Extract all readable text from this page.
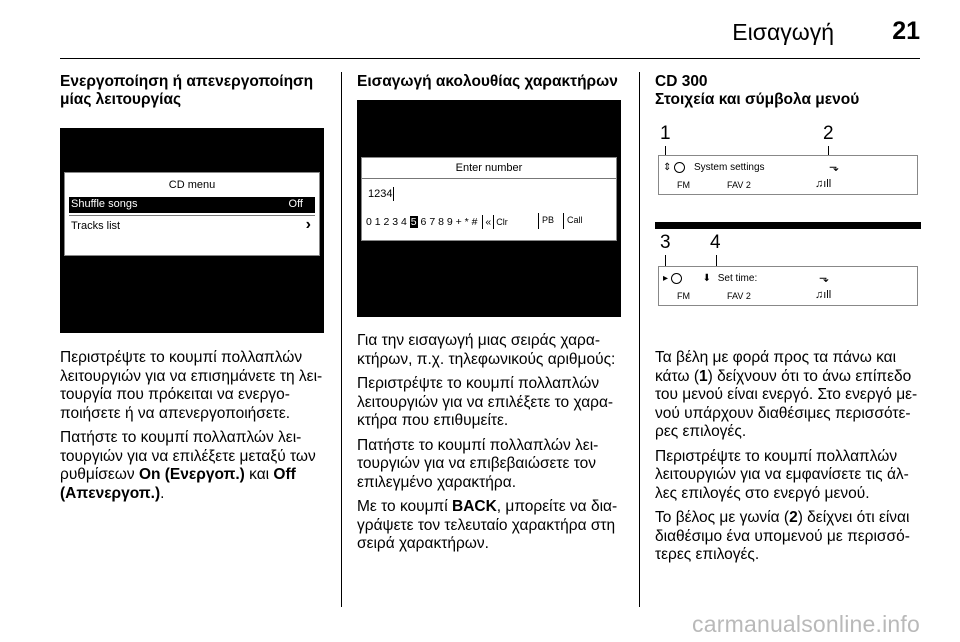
Εισαγωγή 21
Ενεργοποίηση ή απενεργοποίηση
μίας λειτουργίας
CD menu
Shuffle songs	Off
Tracks list	›

Περιστρέψτε το κουμπί πολλαπλών
λειτουργιών για να επισημάνετε τη λει-
τουργία που πρόκειται να ενεργο-
ποιήσετε ή να απενεργοποιήσετε.

Πατήστε το κουμπί πολλαπλών λει-
τουργιών για να επιλέξετε μεταξύ των
ρυθμίσεων On (Ενεργοπ.) και Off
(Απενεργοπ.).

Εισαγωγή ακολουθίας χαρακτήρων
Enter number
1234
0 1 2 3 4 5 6 7 8 9 + * # « Clr	PB Call

Για την εισαγωγή μιας σειράς χαρα-
κτήρων, π.χ. τηλεφωνικούς αριθμούς:

Περιστρέψτε το κουμπί πολλαπλών
λειτουργιών για να επιλέξετε το χαρα-
κτήρα που επιθυμείτε.

Πατήστε το κουμπί πολλαπλών λει-
τουργιών για να επιβεβαιώσετε τον
επιλεγμένο χαρακτήρα.

Με το κουμπί BACK, μπορείτε να δια-
γράψετε τον τελευταίο χαρακτήρα στη
σειρά χαρακτήρων.

CD 300
Στοιχεία και σύμβολα μενού
1	2
⇕ System settings	⬎
FM	FAV 2	♫ıll
3 4
▸	⬇ Set time:	⬎
FM	FAV 2	♫ıll

Τα βέλη με φορά προς τα πάνω και
κάτω (1) δείχνουν ότι το άνω επίπεδο
του μενού είναι ενεργό. Στο ενεργό με-
νού υπάρχουν διαθέσιμες περισσότε-
ρες επιλογές.

Περιστρέψτε το κουμπί πολλαπλών
λειτουργιών για να εμφανίσετε τις άλ-
λες επιλογές στο ενεργό μενού.

Το βέλος με γωνία (2) δείχνει ότι είναι
διαθέσιμο ένα υπομενού με περισσό-
τερες επιλογές.

carmanualsonline.info
